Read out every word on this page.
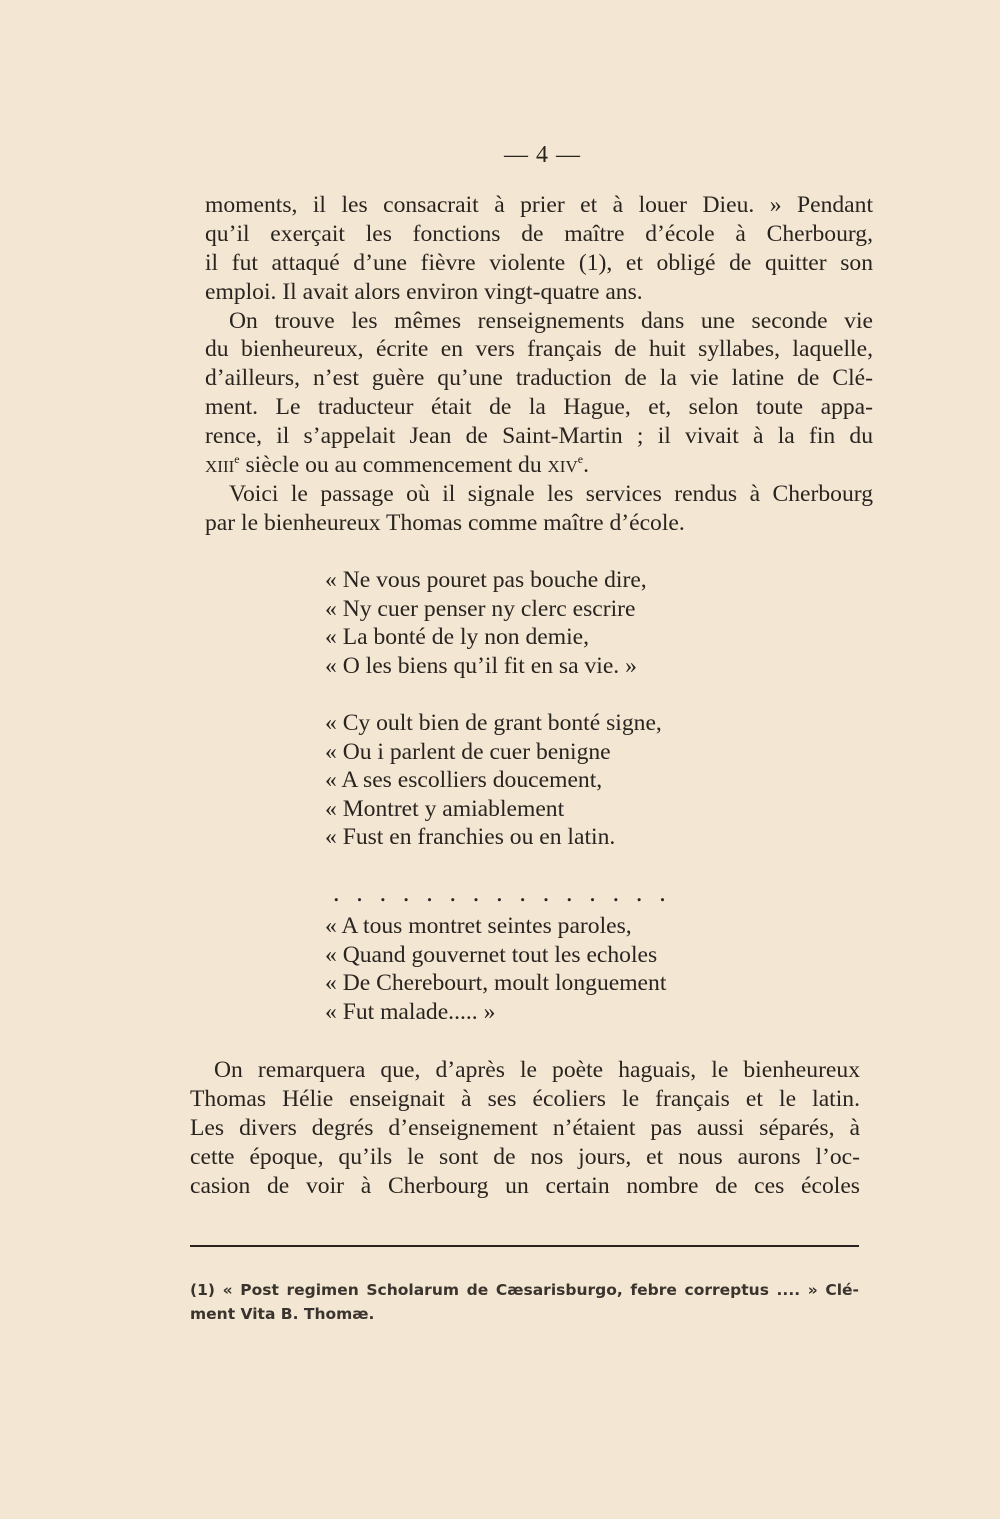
— 4 —
moments, il les consacrait à prier et à louer Dieu. » Pendant
qu’il exerçait les fonctions de maître d’école à Cherbourg,
il fut attaqué d’une fièvre violente (1), et obligé de quitter son
emploi. Il avait alors environ vingt-quatre ans.
On trouve les mêmes renseignements dans une seconde vie
du bienheureux, écrite en vers français de huit syllabes, laquelle,
d’ailleurs, n’est guère qu’une traduction de la vie latine de Clé-
ment. Le traducteur était de la Hague, et, selon toute appa-
rence, il s’appelait Jean de Saint-Martin ; il vivait à la fin du
xiii$^e$ siècle ou au commencement du xiv$^e$.
Voici le passage où il signale les services rendus à Cherbourg
par le bienheureux Thomas comme maître d’école.
« Ne vous pouret pas bouche dire,
« Ny cuer penser ny clerc escrire
« La bonté de ly non demie,
« O les biens qu’il fit en sa vie. »
« Cy oult bien de grant bonté signe,
« Ou i parlent de cuer benigne
« A ses escolliers doucement,
« Montret y amiablement
« Fust en franchies ou en latin.
...............
« A tous montret seintes paroles,
« Quand gouvernet tout les echoles
« De Cherebourt, moult longuement
« Fut malade..... »
On remarquera que, d’après le poète haguais, le bienheureux
Thomas Hélie enseignait à ses écoliers le français et le latin.
Les divers degrés d’enseignement n’étaient pas aussi séparés, à
cette époque, qu’ils le sont de nos jours, et nous aurons l’oc-
casion de voir à Cherbourg un certain nombre de ces écoles
(1) « Post regimen Scholarum de Cæsarisburgo, febre correptus .... » Clé-
ment Vita B. Thomæ.
